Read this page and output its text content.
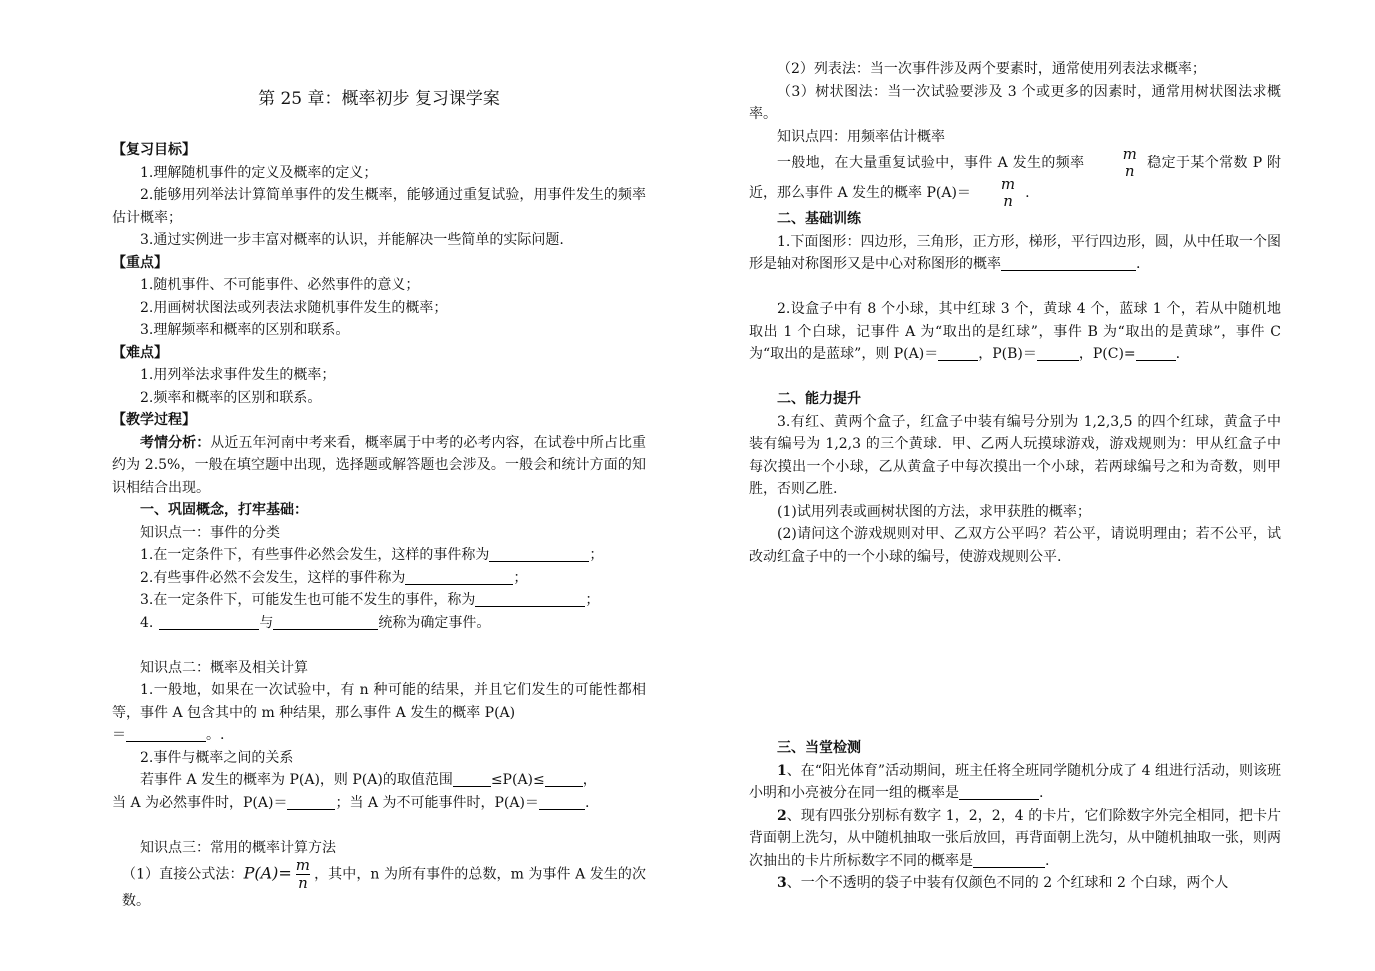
第 25 章：概率初步 复习课学案

【复习目标】

1.理解随机事件的定义及概率的定义；

2.能够用列举法计算简单事件的发生概率，能够通过重复试验，用事件发生的频率估计概率；

3.通过实例进一步丰富对概率的认识，并能解决一些简单的实际问题.

【重点】

1.随机事件、不可能事件、必然事件的意义；

2.用画树状图法或列表法求随机事件发生的概率；

3.理解频率和概率的区别和联系。

【难点】

1.用列举法求事件发生的概率；

2.频率和概率的区别和联系。

【教学过程】

考情分析：从近五年河南中考来看，概率属于中考的必考内容，在试卷中所占比重约为 2.5%，一般在填空题中出现，选择题或解答题也会涉及。一般会和统计方面的知识相结合出现。

一、巩固概念，打牢基础：

知识点一：事件的分类

1.在一定条件下，有些事件必然会发生，这样的事件称为	；

2.有些事件必然不会发生，这样的事件称为	；

3.在一定条件下，可能发生也可能不发生的事件，称为	；

4.	与	统称为确定事件。

知识点二：概率及相关计算

1.一般地，如果在一次试验中，有 n 种可能的结果，并且它们发生的可能性都相等，事件 A 包含其中的 m 种结果，那么事件 A 发生的概率 P(A)

＝	。.

2.事件与概率之间的关系

若事件 A 发生的概率为 P(A)，则 P(A)的取值范围	≤P(A)≤	，

当 A 为必然事件时，P(A)＝	；当 A 为不可能事件时，P(A)＝	.

知识点三：常用的概率计算方法

（1）直接公式法：$P(A)= \frac{m}{n}$ ，其中，n 为所有事件的总数，m 为事件 A 发生的次数。

（2）列表法：当一次事件涉及两个要素时，通常使用列表法求概率；

（3）树状图法：当一次试验要涉及 3 个或更多的因素时，通常用树状图法求概率。

知识点四：用频率估计概率

一般地，在大量重复试验中，事件 A 发生的频率	m
n 稳定于某个常数 P 附近，那么事件 A 发生的概率 P(A)＝	m
n .

二、基础训练

1.下面图形：四边形，三角形，正方形，梯形，平行四边形，圆，从中任取一个图形是轴对称图形又是中心对称图形的概率	.

2.设盒子中有 8 个小球，其中红球 3 个，黄球 4 个，蓝球 1 个，若从中随机地取出 1 个白球，记事件 A 为“取出的是红球”，事件 B 为“取出的是黄球”，事件 C 为“取出的是蓝球”，则 P(A)＝	，P(B)＝	，P(C)=	.

二、能力提升

3.有红、黄两个盒子，红盒子中装有编号分别为 1,2,3,5 的四个红球，黄盒子中装有编号为 1,2,3 的三个黄球．甲、乙两人玩摸球游戏，游戏规则为：甲从红盒子中每次摸出一个小球，乙从黄盒子中每次摸出一个小球，若两球编号之和为奇数，则甲胜，否则乙胜.

(1)试用列表或画树状图的方法，求甲获胜的概率；

(2)请问这个游戏规则对甲、乙双方公平吗？若公平，请说明理由；若不公平，试改动红盒子中的一个小球的编号，使游戏规则公平.

三、当堂检测

1、在“阳光体育”活动期间，班主任将全班同学随机分成了 4 组进行活动，则该班小明和小亮被分在同一组的概率是	.

2、现有四张分别标有数字 1，2，2，4 的卡片，它们除数字外完全相同，把卡片背面朝上洗匀，从中随机抽取一张后放回，再背面朝上洗匀，从中随机抽取一张，则两次抽出的卡片所标数字不同的概率是	.

3、一个不透明的袋子中装有仅颜色不同的 2 个红球和 2 个白球，两个人
